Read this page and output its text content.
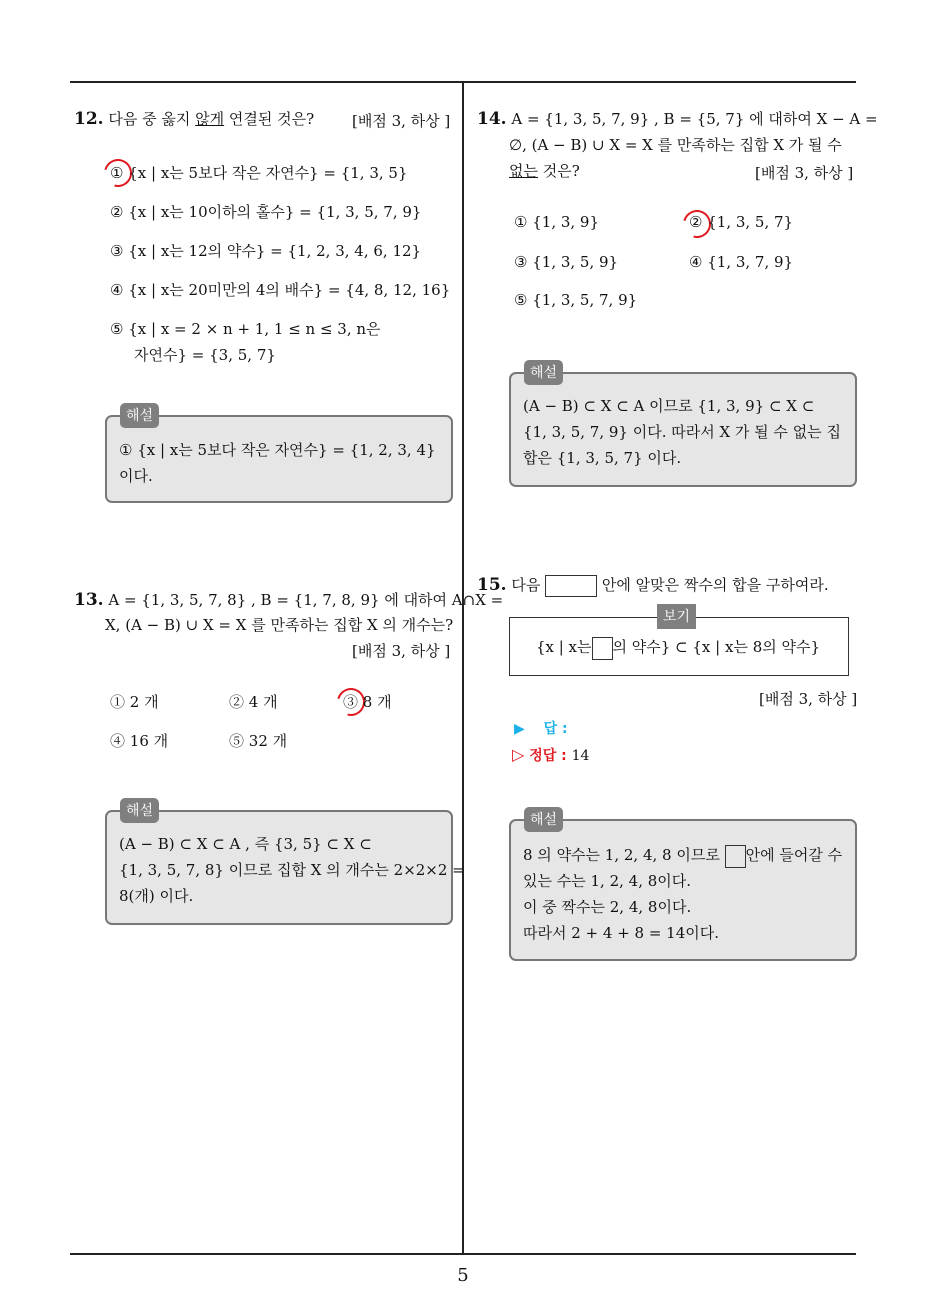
12. 다음 중 옳지 않게 연결된 것은?	[배점 3, 하상 ]
① {x | x는 5보다 작은 자연수} = {1, 3, 5}
② {x | x는 10이하의 홀수} = {1, 3, 5, 7, 9}
③ {x | x는 12의 약수} = {1, 2, 3, 4, 6, 12}
④ {x | x는 20미만의 4의 배수} = {4, 8, 12, 16}
⑤ {x | x = 2 × n + 1, 1 ≤ n ≤ 3, n은
자연수} = {3, 5, 7}
① {x | x는 5보다 작은 자연수} = {1, 2, 3, 4}
이다.
해설
13. A = {1, 3, 5, 7, 8} , B = {1, 7, 8, 9} 에 대하여 A∩X =
X, (A − B) ∪ X = X 를 만족하는 집합 X 의 개수는?
[배점 3, 하상 ]
① 2 개	② 4 개	③ 8 개
④ 16 개	⑤ 32 개
(A − B) ⊂ X ⊂ A , 즉 {3, 5} ⊂ X ⊂
{1, 3, 5, 7, 8} 이므로 집합 X 의 개수는 2×2×2 =
8(개) 이다.
해설
14. A = {1, 3, 5, 7, 9} , B = {5, 7} 에 대하여 X − A =
∅, (A − B) ∪ X = X 를 만족하는 집합 X 가 될 수
없는 것은?	[배점 3, 하상 ]
① {1, 3, 9}	② {1, 3, 5, 7}
③ {1, 3, 5, 9}	④ {1, 3, 7, 9}
⑤ {1, 3, 5, 7, 9}
(A − B) ⊂ X ⊂ A 이므로 {1, 3, 9} ⊂ X ⊂
{1, 3, 5, 7, 9} 이다. 따라서 X 가 될 수 없는 집
합은 {1, 3, 5, 7} 이다.
해설
15. 다음	안에 알맞은 짝수의 합을 구하여라.
{x | x는 의 약수} ⊂ {x | x는 8의 약수}
보기
[배점 3, 하상 ]
▶ 답 :
▷ 정답 : 14
8 의 약수는 1, 2, 4, 8 이므로 안에 들어갈 수
있는 수는 1, 2, 4, 8이다.
이 중 짝수는 2, 4, 8이다.
따라서 2 + 4 + 8 = 14이다.
해설
5
